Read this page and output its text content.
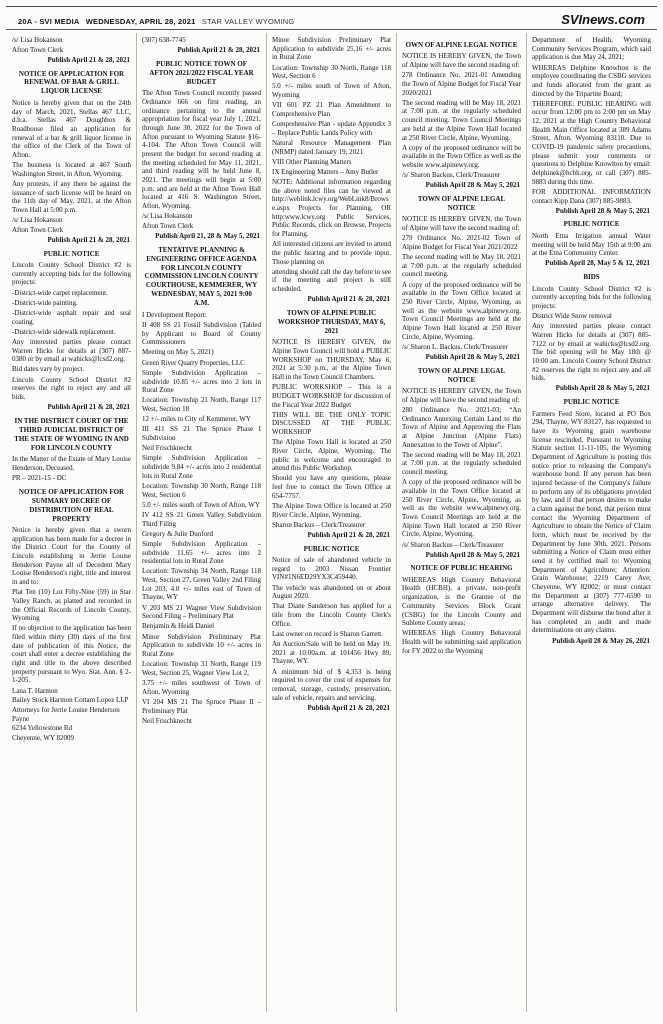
20A - SVI MEDIA WEDNESDAY, APRIL 28, 2021 STAR VALLEY WYOMING	SVInews.com
/s/ Lisa Hokanson
Afton Town Clerk
Publish April 21 & 28, 2021
NOTICE OF APPLICATION FOR RENEWAL OF BAR & GRILL LIQUOR LICENSE
Notice is hereby given that on the 24th day of March, 2021, Stellas 467 LLC, d.b.a. Stellas 467 Doughbox & Roadhouse filed an application for renewal of a bar & grill liquor license in the office of the Clerk of the Town of Afton.
The business is located at 467 South Washington Street, in Afton, Wyoming.
Any protests, if any there be against the issuance of such license will be heard on the 11th day of May, 2021, at the Afton Town Hall at 5:00 p.m.
/s/ Lisa Hokanson
Afton Town Clerk
Publish April 21 & 28, 2021
PUBLIC NOTICE
Lincoln County School District #2 is currently accepting bids for the following projects:
-District-wide carpet replacement.
-District-wide painting.
-District-wide asphalt repair and seal coating.
-District-wide sidewalk replacement.
Any interested parties please contact Warren Hicks for details at (307) 887-0380 or by email at wahicks@lcsd2.org.
Bid dates vary by project.
Lincoln County School District #2 reserves the right to reject any and all bids.
Publish April 21 & 28, 2021
IN THE DISTRICT COURT OF THE THIRD JUDICIAL DISTRICT OF THE STATE OF WYOMING IN AND FOR LINCOLN COUNTY
In the Matter of the Estate of Mary Louise Henderson, Deceased.
PR – 2021-15 - DC
NOTICE OF APPLICATION FOR SUMMARY DECREE OF DISTRIBUTION OF REAL PROPERTY
Notice is hereby given that a sworn application has been made for a decree in the District Court for the County of Lincoln establishing in Jerrie Louise Henderson Payne all of Decedent Mary Louise Henderson's right, title and interest in and to:
Plat Ten (10) Lot Fifty-Nine (59) in Star Valley Ranch, as platted and recorded in the Official Records of Lincoln County, Wyoming
If no objection to the application has been filed within thirty (30) days of the first date of publication of this Notice, the court shall enter a decree establishing the right and title to the above described property pursuant to Wyo. Stat. Ann. § 2-1-205.
Lana T. Harmon
Bailey Stock Harmon Cottam Lopez LLP
Attorneys for Jerrie Louise Henderson Payne
6234 Yellowstone Rd
Cheyenne, WY 82009
(307) 638-7745
Publish April 21 & 28, 2021
PUBLIC NOTICE TOWN OF AFTON 2021/2022 FISCAL YEAR BUDGET
The Afton Town Council recently passed Ordinance 666 on first reading, an ordinance pertaining to the annual appropriation for fiscal year July 1, 2021, through June 30, 2022 for the Town of Afton pursuant to Wyoming Statute §16-4-104. The Afton Town Council will present the budget for second reading at the meeting scheduled for May 11, 2021, and third reading will be held June 8, 2021. The meetings will begin at 5:00 p.m. and are held at the Afton Town Hall located at 416 S. Washington Street, Afton, Wyoming.
/s/ Lisa Hokanson
Afton Town Clerk
Publish April 21, 28 & May 5, 2021
TENTATIVE PLANNING & ENGINEERING OFFICE AGENDA FOR LINCOLN COUNTY COMMISSION LINCOLN COUNTY COURTHOUSE, KEMMERER, WY WEDNESDAY, MAY 5, 2021 9:00 A.M.
I Development Report:
II 408 SS 21 Fossil Subdivision (Tabled by Applicant to Board of County Commissioners
Meeting on May 5, 2021)
Green River Quarry Properties, LLC
Simple Subdivision Application – subdivide 10.85 +/- acres into 2 lots in Rural Zone
Location: Township 21 North, Range 117 West, Section 18
12 +/- miles to City of Kemmerer, WY
III 411 SS 21 The Spruce Phase I Subdivision
Neil Frischknecht
Simple Subdivision Application – subdivide 9.84 +/- acres into 2 residential lots in Rural Zone
Location: Township 30 North, Range 118 West, Section 6
5.0 +/- miles south of Town of Afton, WY
IV 412 SS 21 Green Valley Subdivision Third Filing
Gregory & Julie Dunford
Simple Subdivision Application – subdivide 11.65 +/- acres into 2 residential lots in Rural Zone
Location: Township 34 North, Range 118 West, Section 27, Green Valley 2nd Filing Lot 203, 4.0 +/- miles east of Town of Thayne, WY
V 203 MS 21 Wagner View Subdivision Second Filing – Preliminary Plat
Benjamin & Heidi Daniel
Minor Subdivision Preliminary Plat Application to subdivide 10 +/- acres in Rural Zone
Location: Township 31 North, Range 119 West, Section 25, Wagner View Lot 2,
3.75 +/- miles southwest of Town of Afton, Wyoming
VI 204 MS 21 The Spruce Phase II – Preliminary Plat
Neil Frischknecht
Minor Subdivision Preliminary Plat Application to subdivide 25.16 +/- acres in Rural Zone
Location: Township 30 North, Range 118 West, Section 6
5.0 +/- miles south of Town of Afton, Wyoming
VII 601 PZ 21 Plan Amendment to Comprehensive Plan
Comprehensive Plan - update Appendix 3 – Replace Public Lands Policy with
Natural Resource Management Plan (NRMP) dated January 19, 2021
VIII Other Planning Matters
IX Engineering Matters – Amy Butler
NOTE: Additional information regarding the above noted files can be viewed at http://weblink.lcwy.org/WebLink8/Browse.aspx Projects for Planning, OR http:www.lcwy.org Public Services, Public Records, click on Browse, Projects for Planning.
All interested citizens are invited to attend the public hearing and to provide input. Those planning on
attending should call the day before to see if the meeting and project is still scheduled.
Publish April 21 & 28, 2021
TOWN OF ALPINE PUBLIC WORKSHOP THURSDAY, MAY 6, 2021
NOTICE IS HEREBY GIVEN, the Alpine Town Council will hold a PUBLIC WORKSHOP on THURSDAY, May 6, 2021 at 5:30 p.m., at the Alpine Town Hall in the Town Council Chambers.
PUBLIC WORKSHOP – This is a BUDGET WORKSHOP for discussion of the Fiscal Year 2022 Budget
THIS WILL BE THE ONLY TOPIC DISCUSSED AT THE PUBLIC WORKSHOP
The Alpine Town Hall is located at 250 River Circle, Alpine, Wyoming. The public is welcome and encouraged to attend this Public Workshop.
Should you have any questions, please feel free to contact the Town Office at 654-7757.
The Alpine Town Office is located at 250 River Circle, Alpine, Wyoming.
Sharon Backus – Clerk/Treasurer
Publish April 21 & 28, 2021
PUBLIC NOTICE
Notice of sale of abandoned vehicle in regard to 2003 Nissan Frontier VIN#1N6ED29YX3C459440.
The vehicle was abandoned on or about August 2020.
That Diane Sanderson has applied for a title from the Lincoln County Clerk's Office.
Last owner on record is Sharon Garrett.
An Auction/Sale will be held on May 19, 2021 at 10:00a.m. at 101456 Hwy 89, Thayne, WY.
A minimum bid of $ 4,353 is being required to cover the cost of expenses for removal, storage, custody, preservation, sale of vehicle, repairs and servicing.
Publish April 21 & 28, 2021
OWN OF ALPINE LEGAL NOTICE
NOTICE IS HEREBY GIVEN, the Town of Alpine will have the second reading of:
278 Ordinance No. 2021-01 Amending the Town of Alpine Budget for Fiscal Year 2020/2021
The second reading will be May 18, 2021 at 7:00 p.m. at the regularly scheduled council meeting. Town Council Meetings are held at the Alpine Town Hall located at 250 River Circle, Alpine, Wyoming.
A copy of the proposed ordinance will be available in the Town Office as well as the website www.alpinewy.org.
/s/ Sharon Backus, Clerk/Treasurer
Publish April 28 & May 5, 2021
TOWN OF ALPINE LEGAL NOTICE
NOTICE IS HEREBY GIVEN, the Town of Alpine will have the second reading of:
279 Ordinance No. 2021-02 Town of Alpine Budget for Fiscal Year 2021/2022
The second reading will be May 18, 2021 at 7:00 p.m. at the regularly scheduled council meeting.
A copy of the proposed ordinance will be available in the Town Office located at 250 River Circle, Alpine, Wyoming, as well as the website www.alpinewy.org. Town Council Meetings are held at the Alpine Town Hall located at 250 River Circle, Alpine, Wyoming.
/s/ Sharon L. Backus, Clerk/Treasurer
Publish April 28 & May 5, 2021
TOWN OF ALPINE LEGAL NOTICE
NOTICE IS HEREBY GIVEN, the Town of Alpine will have the second reading of:
280 Ordinance No. 2021-03; “An Ordinance Annexing Certain Land to the Town of Alpine and Approving the Flats at Alpine Junction (Alpine Flats) Annexation to the Town of Alpine”.
The second reading will be May 18, 2021 at 7:00 p.m. at the regularly scheduled council meeting.
A copy of the proposed ordinance will be available in the Town Office located at 250 River Circle, Alpine, Wyoming, as well as the website www.alpinewy.org. Town Council Meetings are held at the Alpine Town Hall located at 250 River Circle, Alpine, Wyoming.
/s/ Sharon Backus – Clerk/Treasurer
Publish April 28 & May 5, 2021
NOTICE OF PUBLIC HEARING
WHEREAS High Country Behavioral Health (HCBH), a private, non-profit organization, is the Grantee of the Community Services Block Grant (CSBG) for the Lincoln County and Sublette County areas;
WHEREAS High Country Behavioral Health will be submitting said application for FY 2022 to the Wyoming
Department of Health, Wyoming Community Services Program, which said application is due May 24, 2021;
WHEREAS Delphine Knowlton is the employee coordinating the CSBG services and funds allocated from the grant as directed by the Tripartite Board;
THEREFORE: PUBLIC HEARING will occur from 12:00 pm to 2:00 pm on May 12, 2021 at the High Country Behavioral Health Main Office located at 389 Adams Street, Afton, Wyoming 83110. Due to COVID-19 pandemic safety precautions, please submit your comments or questions to Delphine Knowlton by email: delphinek@hcbh.org, or call (307) 885-9883 during this time.
FOR ADDITIONAL INFORMATION contact Kipp Dana (307) 885-9883.
Publish April 28 & May 5, 2021
PUBLIC NOTICE
North Etna Irrigation annual Water meeting will be held May 15th at 9:00 am at the Etna Community Center.
Publish April 28, May 5 & 12, 2021
BIDS
Lincoln County School District #2 is currently accepting bids for the following projects:
District Wide Snow removal
Any interested parties please contact Warren Hicks for details at (307) 885- 7122 or by email at wahicks@lcsd2.org. The bid opening will be May 18th @ 10:00 am. Lincoln County School District #2 reserves the right to reject any and all bids.
Publish April 28 & May 5, 2021
PUBLIC NOTICE
Farmers Feed Store, located at PO Box 294, Thayne, WY 83127, has requested to have its Wyoming grain warehouse license rescinded. Pursuant to Wyoming Statute section 11-11-105, the Wyoming Department of Agriculture is posting this notice prior to releasing the Company's warehouse bond. If any person has been injured because of the Company's failure to perform any of its obligations provided by law, and if that person desires to make a claim against the bond, that person must contact the Wyoming Department of Agriculture to obtain the Notice of Claim form, which must be received by the Department by June 30th, 2021. Persons submitting a Notice of Claim must either send it by certified mail to: Wyoming Department of Agriculture; Attention: Grain Warehouse; 2219 Carey Ave; Cheyenne, WY 82002; or must contact the Department at (307) 777-6590 to arrange alternative delivery. The Department will disburse the bond after it has completed an audit and made determinations on any claims.
Publish April 28 & May 26, 2021
